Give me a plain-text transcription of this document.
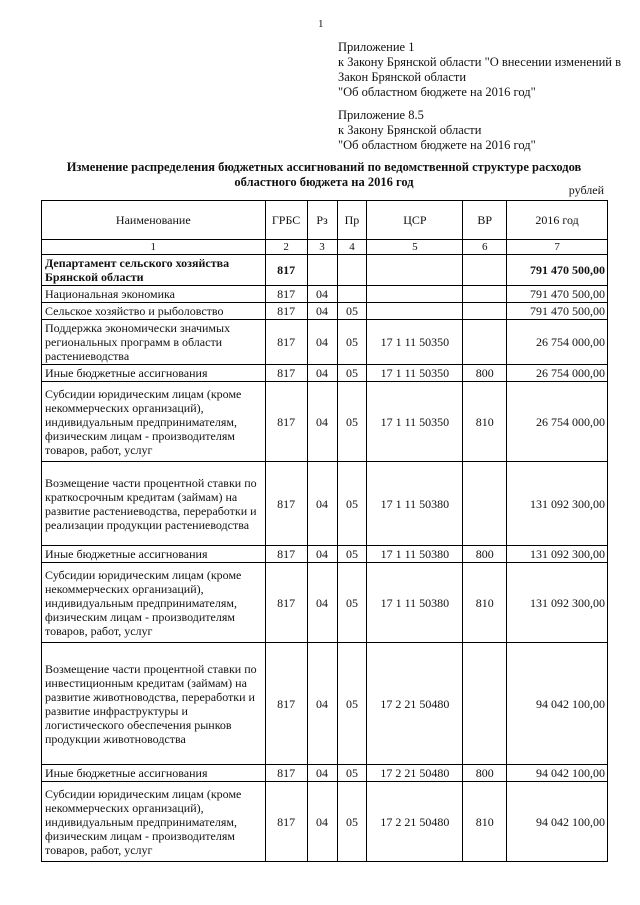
1
Приложение 1
к Закону Брянской области "О внесении изменений в
Закон Брянской области
"Об областном бюджете на 2016 год"
Приложение 8.5
к Закону Брянской области
"Об областном бюджете на 2016 год"
Изменение распределения бюджетных ассигнований по ведомственной структуре расходов
областного бюджета на 2016 год
рублей
Наименование	ГРБС	Рз	Пр	ЦСР	ВР	2016 год
1	2	3	4	5	6	7
Департамент сельского хозяйства Брянской области	817					791 470 500,00
Национальная экономика	817	04				791 470 500,00
Сельское хозяйство и рыболовство	817	04	05			791 470 500,00
Поддержка экономически значимых региональных программ в области растениеводства	817	04	05	17 1 11 50350		26 754 000,00
Иные бюджетные ассигнования	817	04	05	17 1 11 50350	800	26 754 000,00
Субсидии юридическим лицам (кроме некоммерческих организаций), индивидуальным предпринимателям, физическим лицам - производителям товаров, работ, услуг	817	04	05	17 1 11 50350	810	26 754 000,00
Возмещение части процентной ставки по краткосрочным кредитам (займам) на развитие растениеводства, переработки и реализации продукции растениеводства	817	04	05	17 1 11 50380		131 092 300,00
Иные бюджетные ассигнования	817	04	05	17 1 11 50380	800	131 092 300,00
Субсидии юридическим лицам (кроме некоммерческих организаций), индивидуальным предпринимателям, физическим лицам - производителям товаров, работ, услуг	817	04	05	17 1 11 50380	810	131 092 300,00
Возмещение части процентной ставки по инвестиционным кредитам (займам) на развитие животноводства, переработки и развитие инфраструктуры и логистического обеспечения рынков продукции животноводства	817	04	05	17 2 21 50480		94 042 100,00
Иные бюджетные ассигнования	817	04	05	17 2 21 50480	800	94 042 100,00
Субсидии юридическим лицам (кроме некоммерческих организаций), индивидуальным предпринимателям, физическим лицам - производителям товаров, работ, услуг	817	04	05	17 2 21 50480	810	94 042 100,00
